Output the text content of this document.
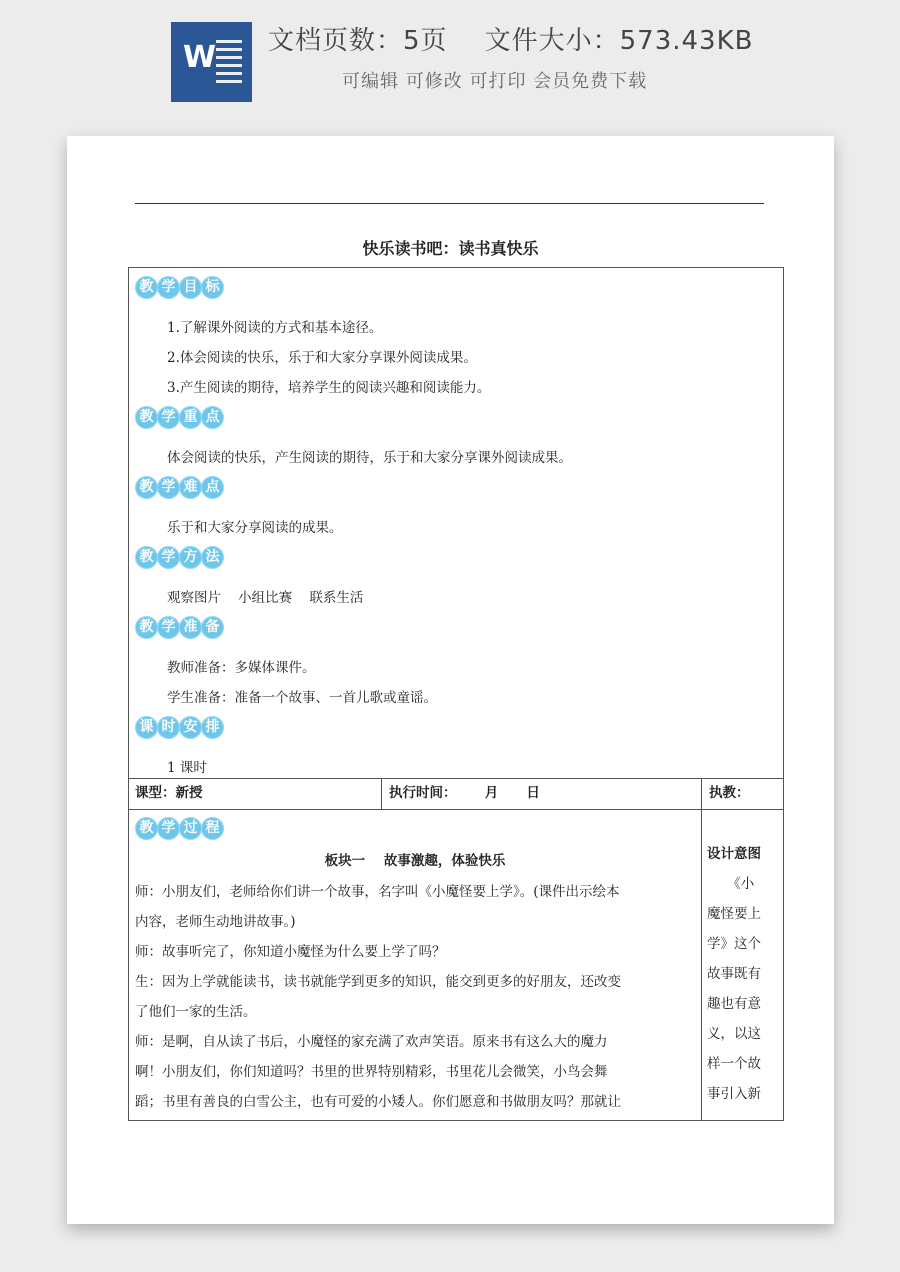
W 文档页数：5页 文件大小：573.43KB
可编辑 可修改 可打印 会员免费下载
快乐读书吧：读书真快乐
教 学 目 标
1.了解课外阅读的方式和基本途径。
2.体会阅读的快乐，乐于和大家分享课外阅读成果。
3.产生阅读的期待，培养学生的阅读兴趣和阅读能力。
教 学 重 点
体会阅读的快乐，产生阅读的期待，乐于和大家分享课外阅读成果。
教 学 难 点
乐于和大家分享阅读的成果。
教 学 方 法
观察图片    小组比赛    联系生活
教 学 准 备
教师准备：多媒体课件。
学生准备：准备一个故事、一首儿歌或童谣。
课 时 安 排
1 课时
课型：新授	执行时间：      月      日	执教：
教 学 过 程
板块一    故事激趣，体验快乐
师：小朋友们，老师给你们讲一个故事，名字叫《小魔怪要上学》。(课件出示绘本
内容，老师生动地讲故事。)
师：故事听完了，你知道小魔怪为什么要上学了吗？
生：因为上学就能读书，读书就能学到更多的知识，能交到更多的好朋友，还改变
了他们一家的生活。
师：是啊，自从读了书后，小魔怪的家充满了欢声笑语。原来书有这么大的魔力
啊！小朋友们，你们知道吗？书里的世界特别精彩，书里花儿会微笑，小鸟会舞
蹈；书里有善良的白雪公主，也有可爱的小矮人。你们愿意和书做朋友吗？那就让
设计意图
《小
魔怪要上
学》这个
故事既有
趣也有意
义，以这
样一个故
事引入新
